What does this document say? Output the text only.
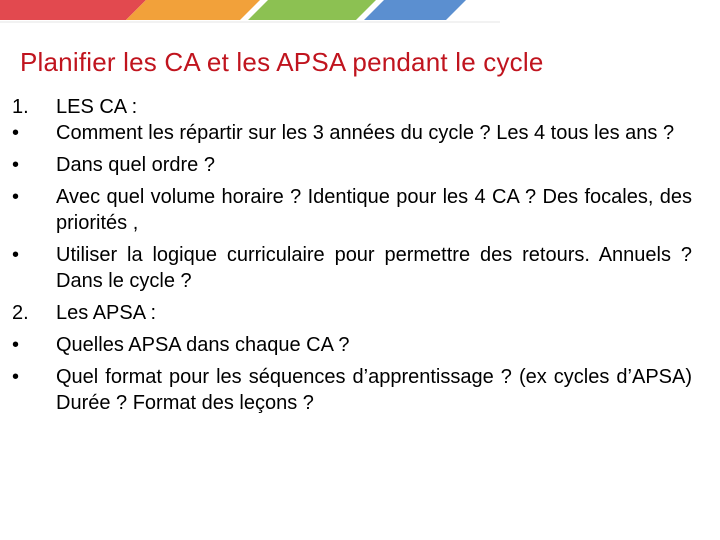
Planifier les CA et les APSA pendant le cycle
1.	LES CA :
•	Comment les répartir sur les 3 années du cycle ? Les 4 tous les ans ?
•	Dans quel ordre ?
•	Avec quel volume horaire ? Identique pour les 4 CA ? Des focales, des priorités ,
•	Utiliser la logique curriculaire pour permettre des retours. Annuels ? Dans le cycle ?
2.	Les APSA :
•	Quelles APSA dans chaque CA ?
•	Quel format pour les séquences d’apprentissage ? (ex cycles d’APSA) Durée ? Format des leçons ?
